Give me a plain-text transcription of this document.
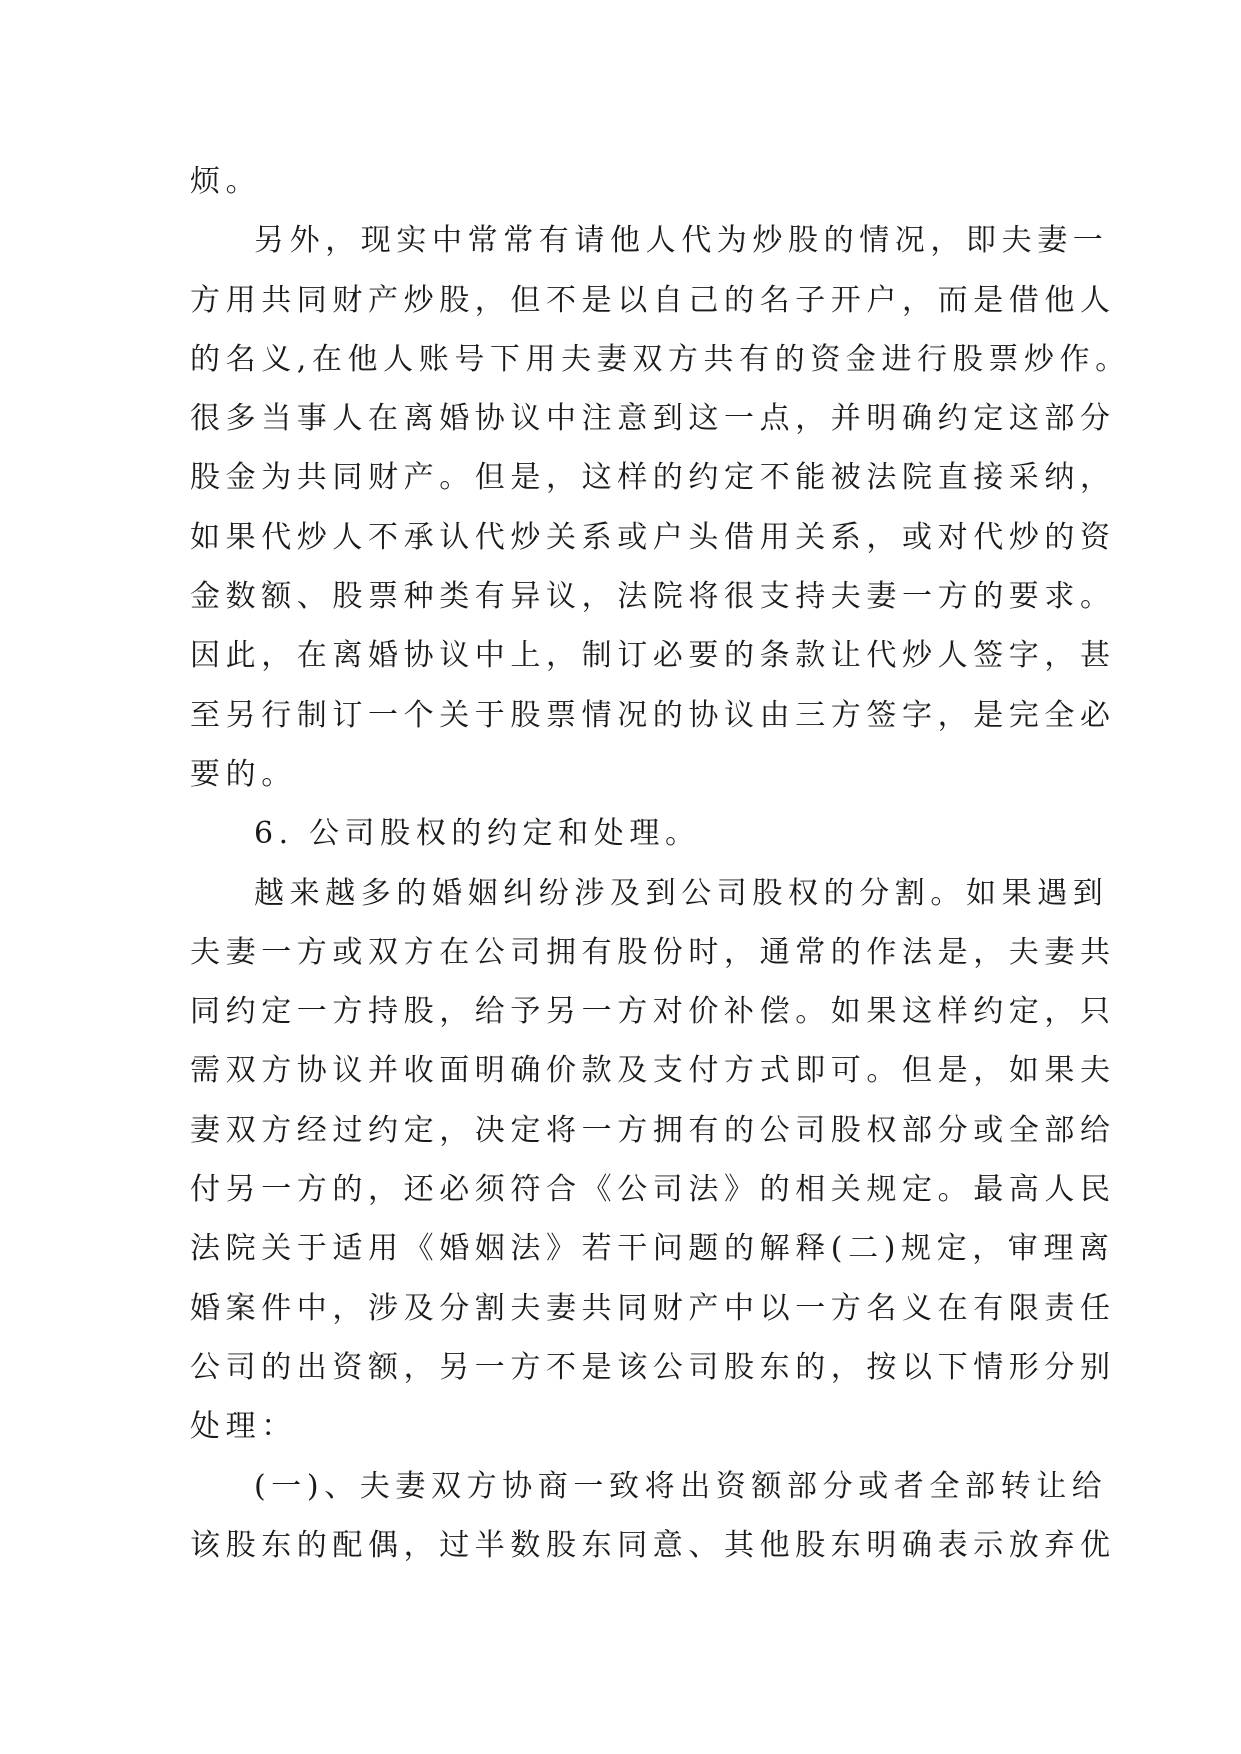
烦。
另外，现实中常常有请他人代为炒股的情况，即夫妻一
方用共同财产炒股，但不是以自己的名子开户，而是借他人
的名义,在他人账号下用夫妻双方共有的资金进行股票炒作。
很多当事人在离婚协议中注意到这一点，并明确约定这部分
股金为共同财产。但是，这样的约定不能被法院直接采纳，
如果代炒人不承认代炒关系或户头借用关系，或对代炒的资
金数额、股票种类有异议，法院将很支持夫妻一方的要求。
因此，在离婚协议中上，制订必要的条款让代炒人签字，甚
至另行制订一个关于股票情况的协议由三方签字，是完全必
要的。
6. 公司股权的约定和处理。
越来越多的婚姻纠纷涉及到公司股权的分割。如果遇到
夫妻一方或双方在公司拥有股份时，通常的作法是，夫妻共
同约定一方持股，给予另一方对价补偿。如果这样约定，只
需双方协议并收面明确价款及支付方式即可。但是，如果夫
妻双方经过约定，决定将一方拥有的公司股权部分或全部给
付另一方的，还必须符合《公司法》的相关规定。最高人民
法院关于适用《婚姻法》若干问题的解释(二)规定，审理离
婚案件中，涉及分割夫妻共同财产中以一方名义在有限责任
公司的出资额，另一方不是该公司股东的，按以下情形分别
处理：
(一)、夫妻双方协商一致将出资额部分或者全部转让给
该股东的配偶，过半数股东同意、其他股东明确表示放弃优
